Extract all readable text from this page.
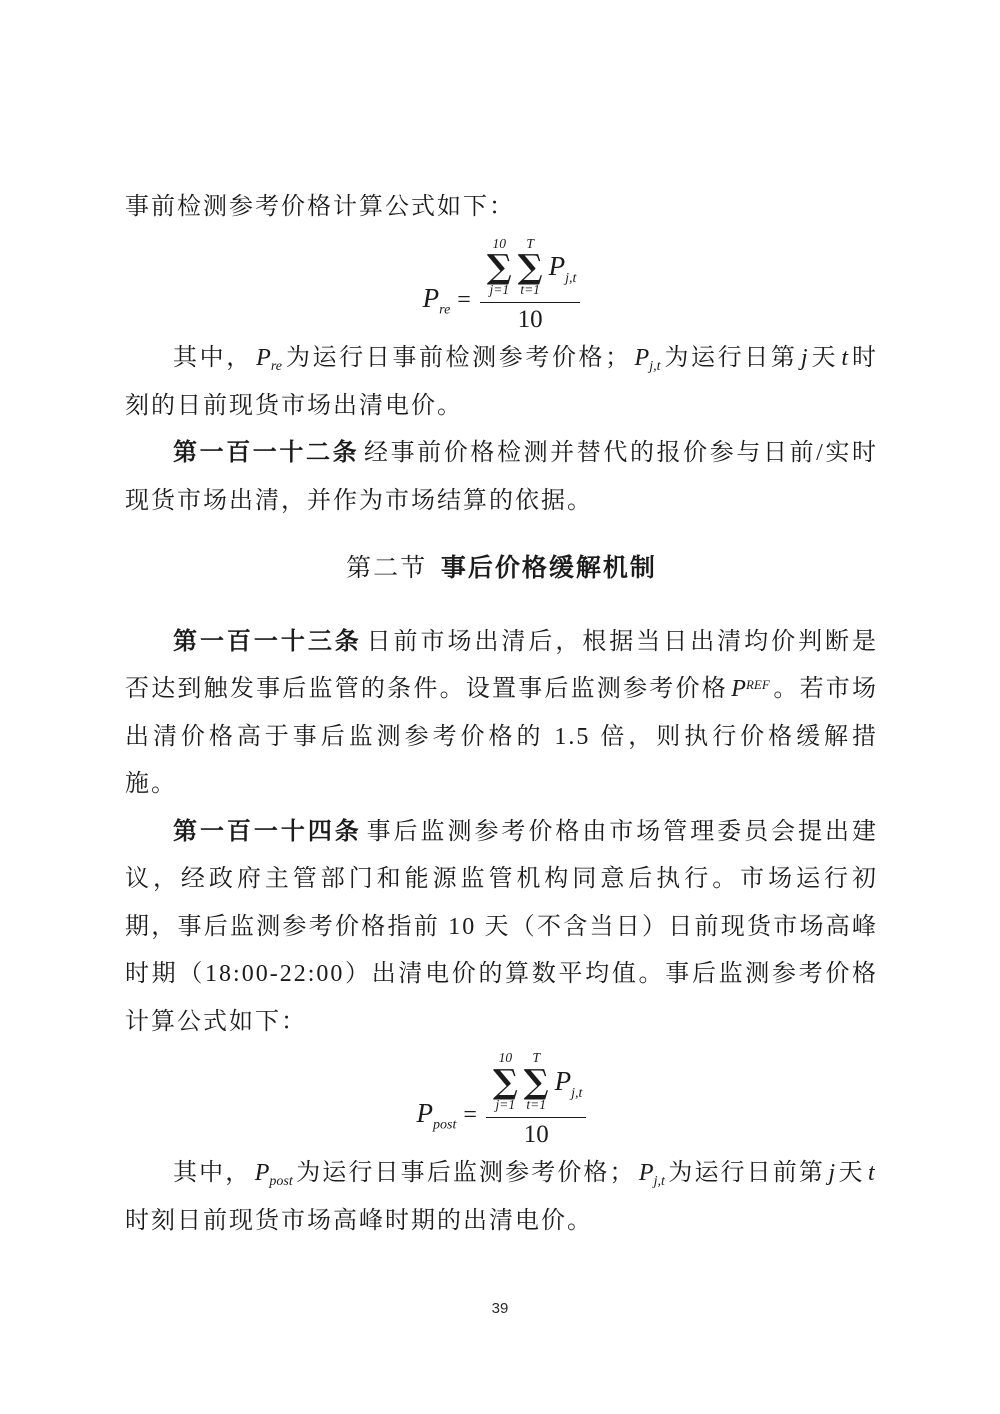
事前检测参考价格计算公式如下：

$P_{re}$ =
10
∑
j=1
T
∑
t=1
$P_{j,t}$
10

其中， $P_{re}$ 为运行日事前检测参考价格； $P_{j,t}$ 为运行日第 j 天 t 时刻的日前现货市场出清电价。

第一百一十二条 经事前价格检测并替代的报价参与日前/实时现货市场出清，并作为市场结算的依据。

第二节 事后价格缓解机制

第一百一十三条 日前市场出清后，根据当日出清均价判断是否达到触发事后监管的条件。设置事后监测参考价格 $P^{REF}$ 。若市场出清价格高于事后监测参考价格的 1.5 倍，则执行价格缓解措施。

第一百一十四条 事后监测参考价格由市场管理委员会提出建议，经政府主管部门和能源监管机构同意后执行。市场运行初期，事后监测参考价格指前 10 天（不含当日）日前现货市场高峰时期（18:00-22:00）出清电价的算数平均值。事后监测参考价格计算公式如下：

$P_{post}$ =
10
∑
j=1
T
∑
t=1
$P_{j,t}$
10

其中， $P_{post}$ 为运行日事后监测参考价格； $P_{j,t}$ 为运行日前第 j 天 t时刻日前现货市场高峰时期的出清电价。

39
